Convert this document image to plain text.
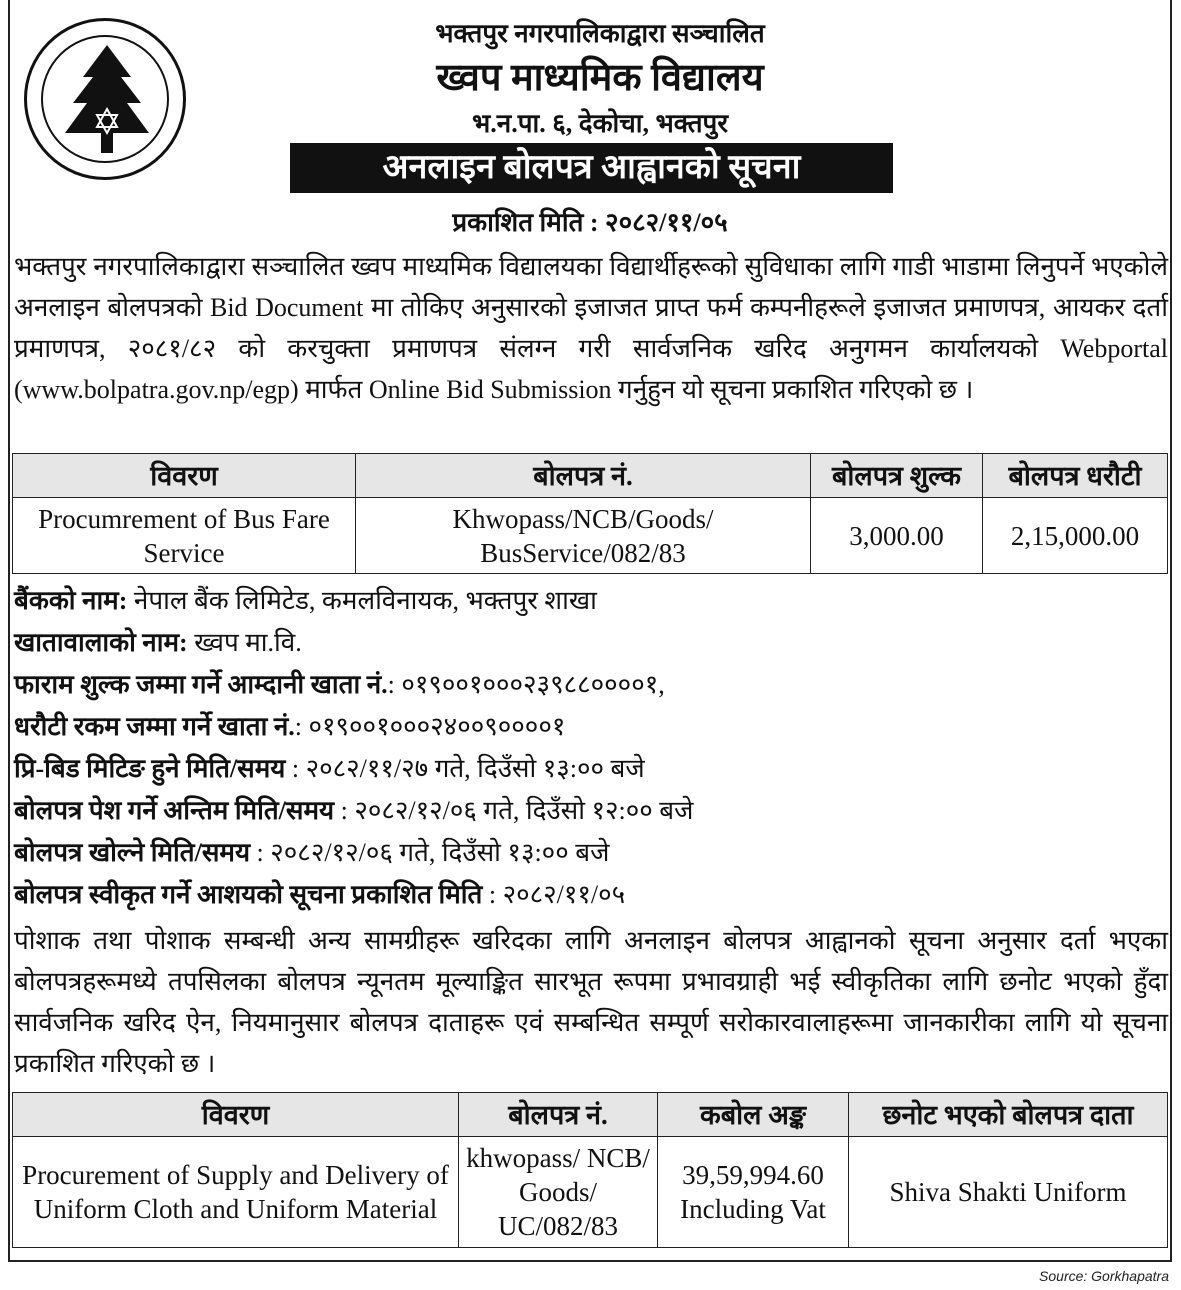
भक्तपुर नगरपालिकाद्वारा सञ्चालित
ख्वप माध्यमिक विद्यालय
भ.न.पा. ६, देकोचा, भक्तपुर
अनलाइन बोलपत्र आह्वानको सूचना
प्रकाशित मिति : २०८२/११/०५
भक्तपुर नगरपालिकाद्वारा सञ्चालित ख्वप माध्यमिक विद्यालयका विद्यार्थीहरूको सुविधाका लागि गाडी भाडामा लिनुपर्ने भएकोले अनलाइन बोलपत्रको Bid Document मा तोकिए अनुसारको इजाजत प्राप्त फर्म कम्पनीहरूले इजाजत प्रमाणपत्र, आयकर दर्ता प्रमाणपत्र, २०८१/८२ को करचुक्ता प्रमाणपत्र संलग्न गरी सार्वजनिक खरिद अनुगमन कार्यालयको Webportal (www.bolpatra.gov.np/egp) मार्फत Online Bid Submission गर्नुहुन यो सूचना प्रकाशित गरिएको छ ।
विवरण	बोलपत्र नं.	बोलपत्र शुल्क	बोलपत्र धरौटी
Procumrement of Bus Fare Service	Khwopass/NCB/Goods/ BusService/082/83	3,000.00	2,15,000.00
बैंकको नाम: नेपाल बैंक लिमिटेड, कमलविनायक, भक्तपुर शाखा
खातावालाको नाम: ख्वप मा.वि.
फाराम शुल्क जम्मा गर्ने आम्दानी खाता नं.: ०१९००१०००२३९८८००००१,
धरौटी रकम जम्मा गर्ने खाता नं.: ०१९००१०००२४००९००००१
प्रि-बिड मिटिङ हुने मिति/समय : २०८२/११/२७ गते, दिउँसो १३:०० बजे
बोलपत्र पेश गर्ने अन्तिम मिति/समय : २०८२/१२/०६ गते, दिउँसो १२:०० बजे
बोलपत्र खोल्ने मिति/समय : २०८२/१२/०६ गते, दिउँसो १३:०० बजे
बोलपत्र स्वीकृत गर्ने आशयको सूचना प्रकाशित मिति : २०८२/११/०५
पोशाक तथा पोशाक सम्बन्धी अन्य सामग्रीहरू खरिदका लागि अनलाइन बोलपत्र आह्वानको सूचना अनुसार दर्ता भएका बोलपत्रहरूमध्ये तपसिलका बोलपत्र न्यूनतम मूल्याङ्कित सारभूत रूपमा प्रभावग्राही भई स्वीकृतिका लागि छनोट भएको हुँदा सार्वजनिक खरिद ऐन, नियमानुसार बोलपत्र दाताहरू एवं सम्बन्धित सम्पूर्ण सरोकारवालाहरूमा जानकारीका लागि यो सूचना प्रकाशित गरिएको छ ।
विवरण	बोलपत्र नं.	कबोल अङ्क	छनोट भएको बोलपत्र दाता
Procurement of Supply and Delivery of Uniform Cloth and Uniform Material	khwopass/ NCB/ Goods/ UC/082/83	39,59,994.60 Including Vat	Shiva Shakti Uniform
Source: Gorkhapatra
